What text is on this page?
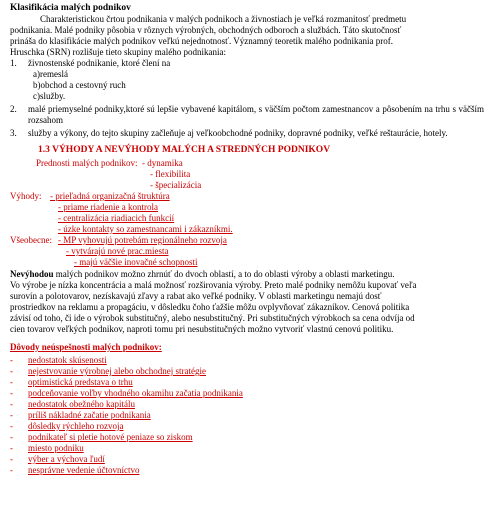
Klasifikácia malých podnikov
Charakteristickou črtou podnikania v malých podnikoch a živnostiach je veľká rozmanitosť predmetu
podnikania. Malé podniky pôsobia v rôznych výrobných, obchodných odboroch a službách. Táto skutočnosť
prináša do klasifikácie malých podnikov veľkú nejednotnosť. Významný teoretik malého podnikania prof.
Hruschka (SRN) rozlišuje tieto skupiny malého podnikania:
1. živnostenské podnikanie, ktoré člení na
a)remeslá
b)obchod a cestovný ruch
c)služby.
2. malé priemyselné podniky,ktoré sú lepšie vybavené kapitálom, s väčším počtom zamestnancov a pôsobením na trhu s väčším rozsahom
3. služby a výkony, do tejto skupiny začleňuje aj veľkoobchodné podniky, dopravné podniky, veľké reštaurácie, hotely.
1.3 VÝHODY A NEVÝHODY MALÝCH A STREDNÝCH PODNIKOV
Prednosti malých podnikov: - dynamika
- flexibilita
- špecializácia
Výhody: - prieľadná organizačná štruktúra
- priame riadenie a kontrola
- centralizácia riadiacich funkcií
- úzke kontakty so zamestnancami i zákazníkmi.
Všeobecne: - MP vyhovujú potrebám regionálneho rozvoja
- vytvárajú nové prac.miesta
- majú väčšie inovačné schopnosti
Nevýhodou malých podnikov možno zhrnúť do dvoch oblastí, a to do oblasti výroby a oblasti marketingu.
Vo výrobe je nízka koncentrácia a malá možnosť rozširovania výroby. Preto malé podniky nemôžu kupovať veľa
surovín a polotovarov, nezískavajú zľavy a rabat ako veľké podniky. V oblasti marketingu nemajú dosť
prostriedkov na reklamu a propagáciu, v dôsledku čoho ťažšie môžu ovplyvňovať zákazníkov. Cenová politika
závisí od toho, či ide o výrobok substitučný, alebo nesubstitučný. Pri substitučných výrobkoch sa cena odvíja od
cien tovarov veľkých podnikov, naproti tomu pri nesubstitučných možno vytvoriť vlastnú cenovú politiku.
Dôvody neúspešnosti malých podnikov:
- nedostatok skúsenosti
- nejestvovanie výrobnej alebo obchodnej stratégie
- optimistická predstava o trhu
- podceňovanie voľby vhodného okamihu začatia podnikania
- nedostatok obežného kapitálu
- príliš nákladné začatie podnikania
- dôsledky rýchleho rozvoja
- podnikateľ si pletie hotové peniaze so ziskom
- miesto podniku
- výber a výchova ľudí
- nesprávne vedenie účtovníctvo
